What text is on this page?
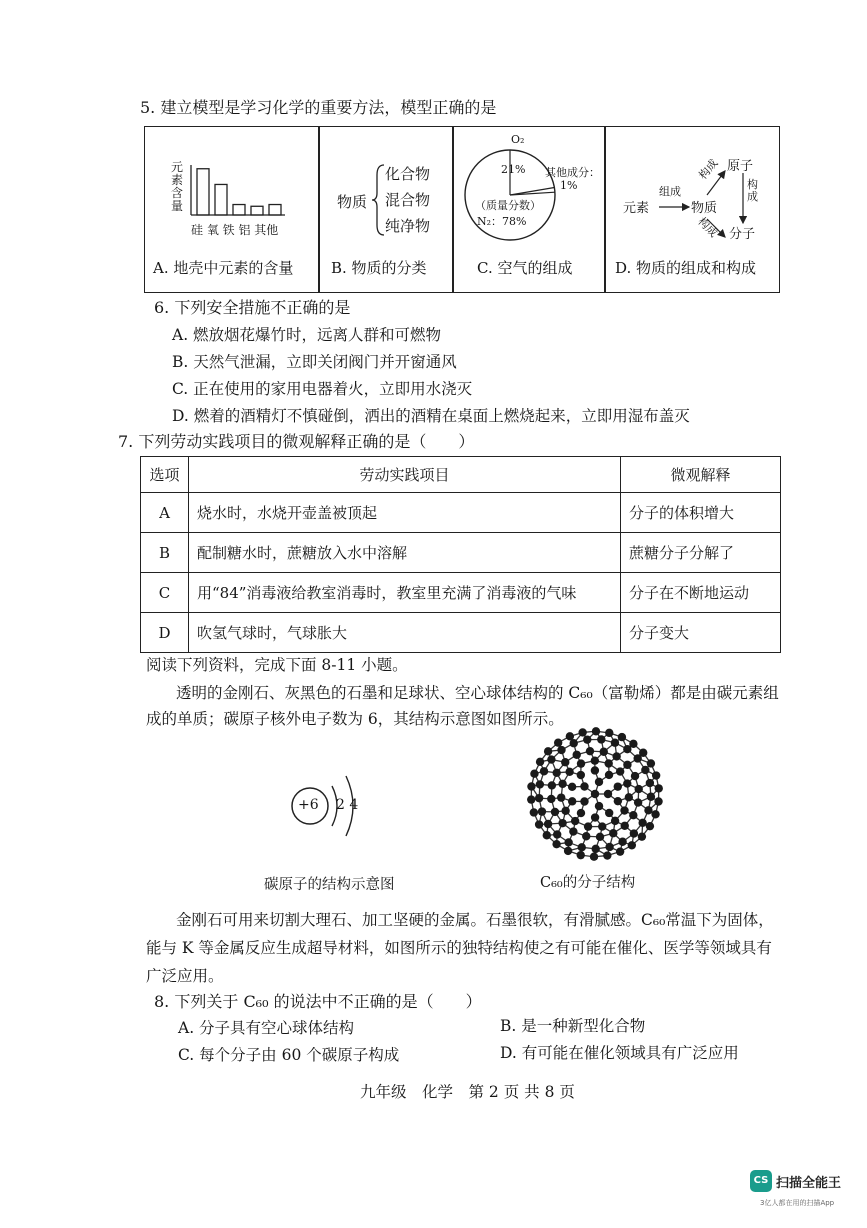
5. 建立模型是学习化学的重要方法，模型正确的是
元
素
含
量
硅 氧 铁 铝 其他
A. 地壳中元素的含量
物质
化合物
混合物
纯净物
B. 物质的分类
O₂
21% 其他成分：
1%
（质量分数）
N₂：78%
C. 空气的组成
元素
组成
物质
原子
构成
构成
构成 分子
D. 物质的组成和构成
6. 下列安全措施不正确的是
A. 燃放烟花爆竹时，远离人群和可燃物
B. 天然气泄漏，立即关闭阀门并开窗通风
C. 正在使用的家用电器着火，立即用水浇灭
D. 燃着的酒精灯不慎碰倒，洒出的酒精在桌面上燃烧起来，立即用湿布盖灭
7. 下列劳动实践项目的微观解释正确的是（　　）
选项	劳动实践项目	微观解释
A	烧水时，水烧开壶盖被顶起	分子的体积增大
B	配制糖水时，蔗糖放入水中溶解	蔗糖分子分解了
C	用“84”消毒液给教室消毒时，教室里充满了消毒液的气味	分子在不断地运动
D	吹氢气球时，气球胀大	分子变大
阅读下列资料，完成下面 8-11 小题。
透明的金刚石、灰黑色的石墨和足球状、空心球体结构的 C₆₀（富勒烯）都是由碳元素组
成的单质；碳原子核外电子数为 6，其结构示意图如图所示。
+6 2 4
碳原子的结构示意图	C₆₀的分子结构
金刚石可用来切割大理石、加工坚硬的金属。石墨很软，有滑腻感。C₆₀常温下为固体，
能与 K 等金属反应生成超导材料，如图所示的独特结构使之有可能在催化、医学等领域具有
广泛应用。
8. 下列关于 C₆₀ 的说法中不正确的是（　　）
A. 分子具有空心球体结构	B. 是一种新型化合物
C. 每个分子由 60 个碳原子构成	D. 有可能在催化领域具有广泛应用
九年级　化学　第 2 页 共 8 页
CS 扫描全能王
3亿人都在用的扫描App
